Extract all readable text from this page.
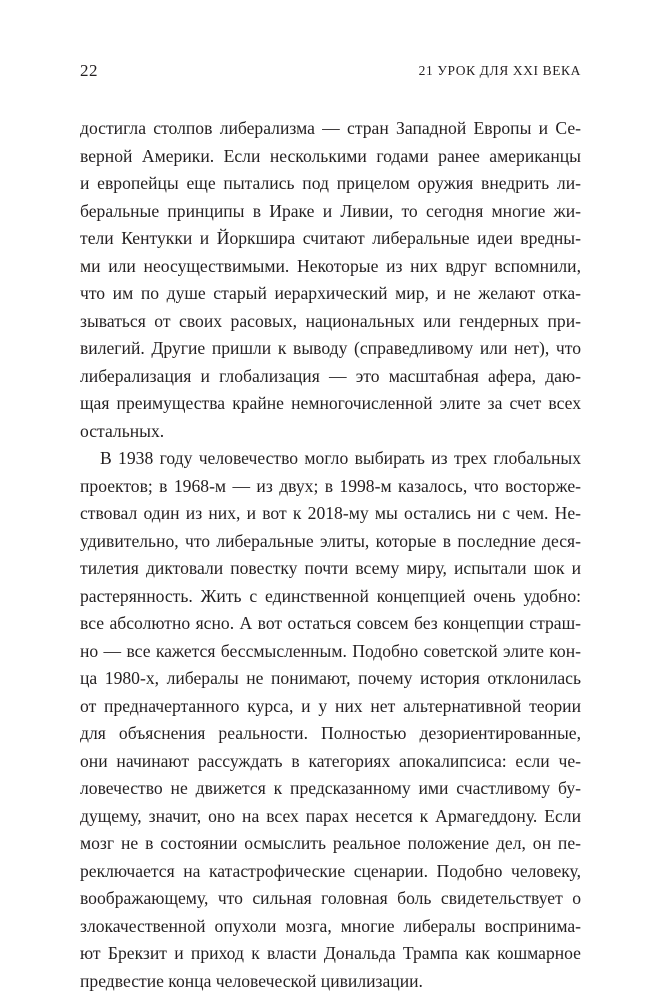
22	21 УРОК ДЛЯ XXI ВЕКА
достигла столпов либерализма — стран Западной Европы и Се-
верной Америки. Если несколькими годами ранее американцы
и европейцы еще пытались под прицелом оружия внедрить ли-
беральные принципы в Ираке и Ливии, то сегодня многие жи-
тели Кентукки и Йоркшира считают либеральные идеи вредны-
ми или неосуществимыми. Некоторые из них вдруг вспомнили,
что им по душе старый иерархический мир, и не желают отка-
зываться от своих расовых, национальных или гендерных при-
вилегий. Другие пришли к выводу (справедливому или нет), что
либерализация и глобализация — это масштабная афера, даю-
щая преимущества крайне немногочисленной элите за счет всех
остальных.
В 1938 году человечество могло выбирать из трех глобальных
проектов; в 1968-м — из двух; в 1998-м казалось, что восторже-
ствовал один из них, и вот к 2018-му мы остались ни с чем. Не-
удивительно, что либеральные элиты, которые в последние деся-
тилетия диктовали повестку почти всему миру, испытали шок и
растерянность. Жить с единственной концепцией очень удобно:
все абсолютно ясно. А вот остаться совсем без концепции страш-
но — все кажется бессмысленным. Подобно советской элите кон-
ца 1980-х, либералы не понимают, почему история отклонилась
от предначертанного курса, и у них нет альтернативной теории
для объяснения реальности. Полностью дезориентированные,
они начинают рассуждать в категориях апокалипсиса: если че-
ловечество не движется к предсказанному ими счастливому бу-
дущему, значит, оно на всех парах несется к Армагеддону. Если
мозг не в состоянии осмыслить реальное положение дел, он пе-
реключается на катастрофические сценарии. Подобно человеку,
воображающему, что сильная головная боль свидетельствует о
злокачественной опухоли мозга, многие либералы воспринима-
ют Брекзит и приход к власти Дональда Трампа как кошмарное
предвестие конца человеческой цивилизации.
